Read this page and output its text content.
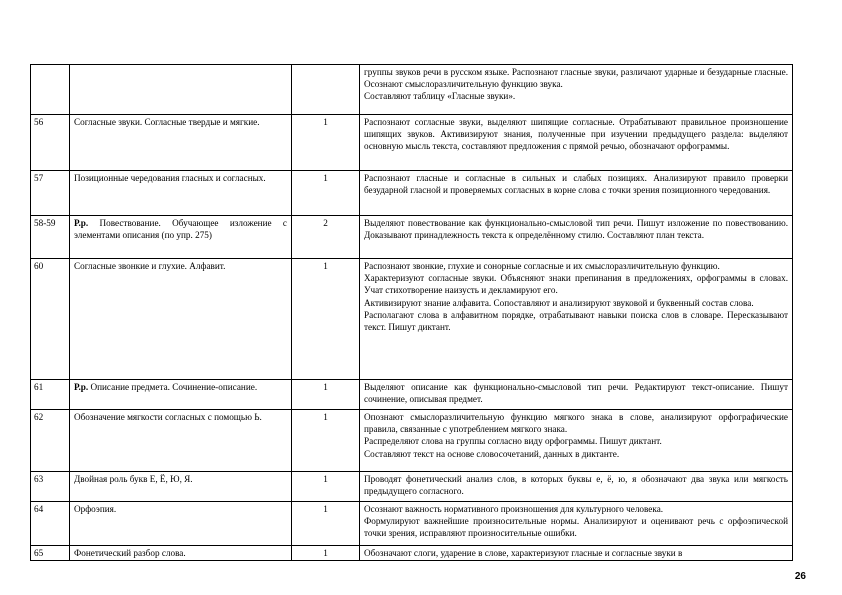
			группы звуков речи в русском языке. Распознают гласные звуки, различают ударные и безударные гласные. Осознают смыслоразличительную функцию звука.
Составляют таблицу «Гласные звуки».

56	Согласные звуки. Согласные твердые и мягкие.	1	Распознают согласные звуки, выделяют шипящие согласные. Отрабатывают правильное произношение шипящих звуков. Активизируют знания, полученные при изучении предыдущего раздела: выделяют основную мысль текста, составляют предложения с прямой речью, обозначают орфограммы.

57	Позиционные чередования гласных и согласных.	1	Распознают гласные и согласные в сильных и слабых позициях. Анализируют правило проверки безударной гласной и проверяемых согласных в корне слова с точки зрения позиционного чередования.

58-59	Р.р. Повествование. Обучающее изложение с элементами описания (по упр. 275)	2	Выделяют повествование как функционально-смысловой тип речи. Пишут изложение по повествованию. Доказывают принадлежность текста к определённому стилю. Составляют план текста.

60	Согласные звонкие и глухие. Алфавит.	1	Распознают звонкие, глухие и сонорные согласные и их смыслоразличительную функцию.
Характеризуют согласные звуки. Объясняют знаки препинания в предложениях, орфограммы в словах. Учат стихотворение наизусть и декламируют его.
Активизируют знание алфавита. Сопоставляют и анализируют звуковой и буквенный состав слова.
Располагают слова в алфавитном порядке, отрабатывают навыки поиска слов в словаре. Пересказывают текст. Пишут диктант.

61	Р.р. Описание предмета. Сочинение-описание.	1	Выделяют описание как функционально-смысловой тип речи. Редактируют текст-описание. Пишут сочинение, описывая предмет.

62	Обозначение мягкости согласных с помощью Ь.	1	Опознают смыслоразличительную функцию мягкого знака в слове, анализируют орфографические правила, связанные с употреблением мягкого знака.
Распределяют слова на группы согласно виду орфограммы. Пишут диктант.
Составляют текст на основе словосочетаний, данных в диктанте.

63	Двойная роль букв Е, Ё, Ю, Я.	1	Проводят фонетический анализ слов, в которых буквы е, ё, ю, я обозначают два звука или мягкость предыдущего согласного.

64	Орфоэпия.	1	Осознают важность нормативного произношения для культурного человека.
Формулируют важнейшие произносительные нормы. Анализируют и оценивают речь с орфоэпической точки зрения, исправляют произносительные ошибки.

65	Фонетический разбор слова.	1	Обозначают слоги, ударение в слове, характеризуют гласные и согласные звуки в
26
